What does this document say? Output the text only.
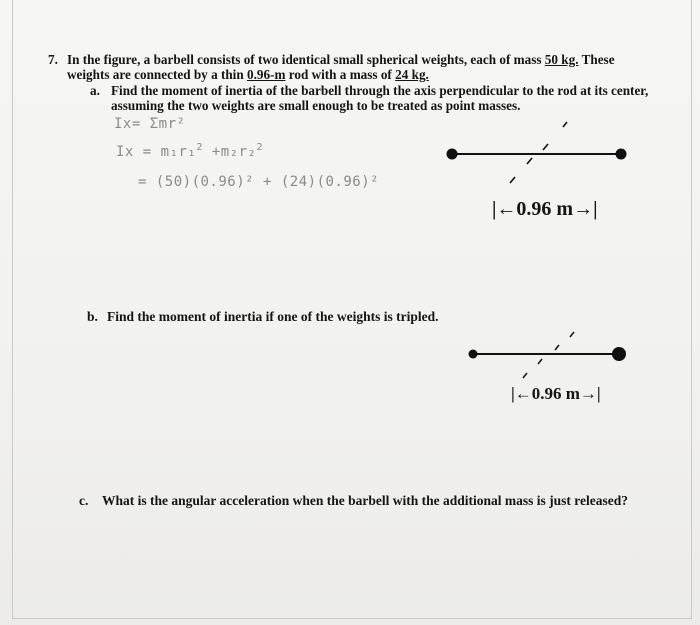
7. In the figure, a barbell consists of two identical small spherical weights, each of mass 50 kg. These
weights are connected by a thin 0.96-m rod with a mass of 24 kg.
a. Find the moment of inertia of the barbell through the axis perpendicular to the rod at its center,
assuming the two weights are small enough to be treated as point masses.
Ix= Σmr²
Ix = m₁r₁$^2$ +m₂r₂$^2$
= (50)(0.96)² + (24)(0.96)²
|←0.96 m→|
b. Find the moment of inertia if one of the weights is tripled.
|←0.96 m→|
c. What is the angular acceleration when the barbell with the additional mass is just released?
